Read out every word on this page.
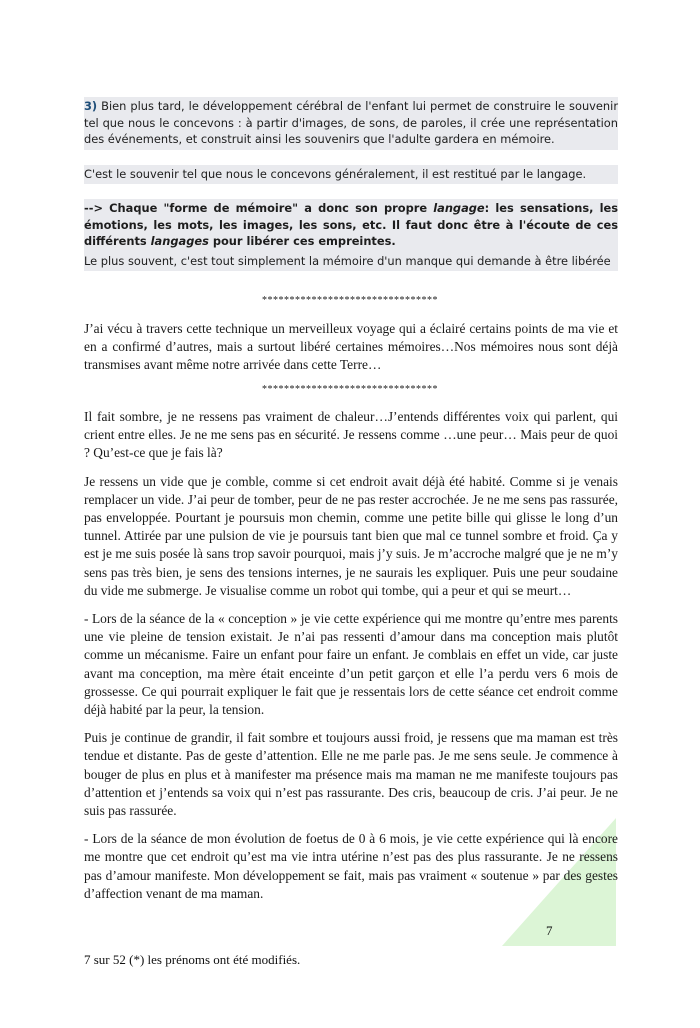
3) Bien plus tard, le développement cérébral de l'enfant lui permet de construire le souvenir tel que nous le concevons : à partir d'images, de sons, de paroles, il crée une représentation des événements, et construit ainsi les souvenirs que l'adulte gardera en mémoire.

C'est le souvenir tel que nous le concevons généralement, il est restitué par le langage.

--> Chaque "forme de mémoire" a donc son propre langage: les sensations, les émotions, les mots, les images, les sons, etc. Il faut donc être à l'écoute de ces différents langages pour libérer ces empreintes.

Le plus souvent, c'est tout simplement la mémoire d'un manque qui demande à être libérée

********************************

J’ai vécu à travers cette technique un merveilleux voyage qui a éclairé certains points de ma vie et en a confirmé d’autres, mais a surtout libéré certaines mémoires…Nos mémoires nous sont déjà transmises avant même notre arrivée dans cette Terre…

********************************

Il fait sombre, je ne ressens pas vraiment de chaleur…J’entends différentes voix qui parlent, qui crient entre elles. Je ne me sens pas en sécurité. Je ressens comme …une peur… Mais peur de quoi ? Qu’est-ce que je fais là?

Je ressens un vide que je comble, comme si cet endroit avait déjà été habité. Comme si je venais remplacer un vide. J’ai peur de tomber, peur de ne pas rester accrochée. Je ne me sens pas rassurée, pas enveloppée. Pourtant je poursuis mon chemin, comme une petite bille qui glisse le long d’un tunnel. Attirée par une pulsion de vie je poursuis tant bien que mal ce tunnel sombre et froid. Ça y est je me suis posée là sans trop savoir pourquoi, mais j’y suis. Je m’accroche malgré que je ne m’y sens pas très bien, je sens des tensions internes, je ne saurais les expliquer. Puis une peur soudaine du vide me submerge. Je visualise comme un robot qui tombe, qui a peur et qui se meurt…

- Lors de la séance de la « conception » je vie cette expérience qui me montre qu’entre mes parents une vie pleine de tension existait. Je n’ai pas ressenti d’amour dans ma conception mais plutôt comme un mécanisme. Faire un enfant pour faire un enfant. Je comblais en effet un vide, car juste avant ma conception, ma mère était enceinte d’un petit garçon et elle l’a perdu vers 6 mois de grossesse. Ce qui pourrait expliquer le fait que je ressentais lors de cette séance cet endroit comme déjà habité par la peur, la tension.

Puis je continue de grandir, il fait sombre et toujours aussi froid, je ressens que ma maman est très tendue et distante. Pas de geste d’attention. Elle ne me parle pas. Je me sens seule. Je commence à bouger de plus en plus et à manifester ma présence mais ma maman ne me manifeste toujours pas d’attention et j’entends sa voix qui n’est pas rassurante. Des cris, beaucoup de cris. J’ai peur. Je ne suis pas rassurée.

- Lors de la séance de mon évolution de foetus de 0 à 6 mois, je vie cette expérience qui là encore me montre que cet endroit qu’est ma vie intra utérine n’est pas des plus rassurante. Je ne ressens pas d’amour manifeste. Mon développement se fait, mais pas vraiment « soutenue » par des gestes d’affection venant de ma maman.

7
7 sur 52 (*) les prénoms ont été modifiés.
